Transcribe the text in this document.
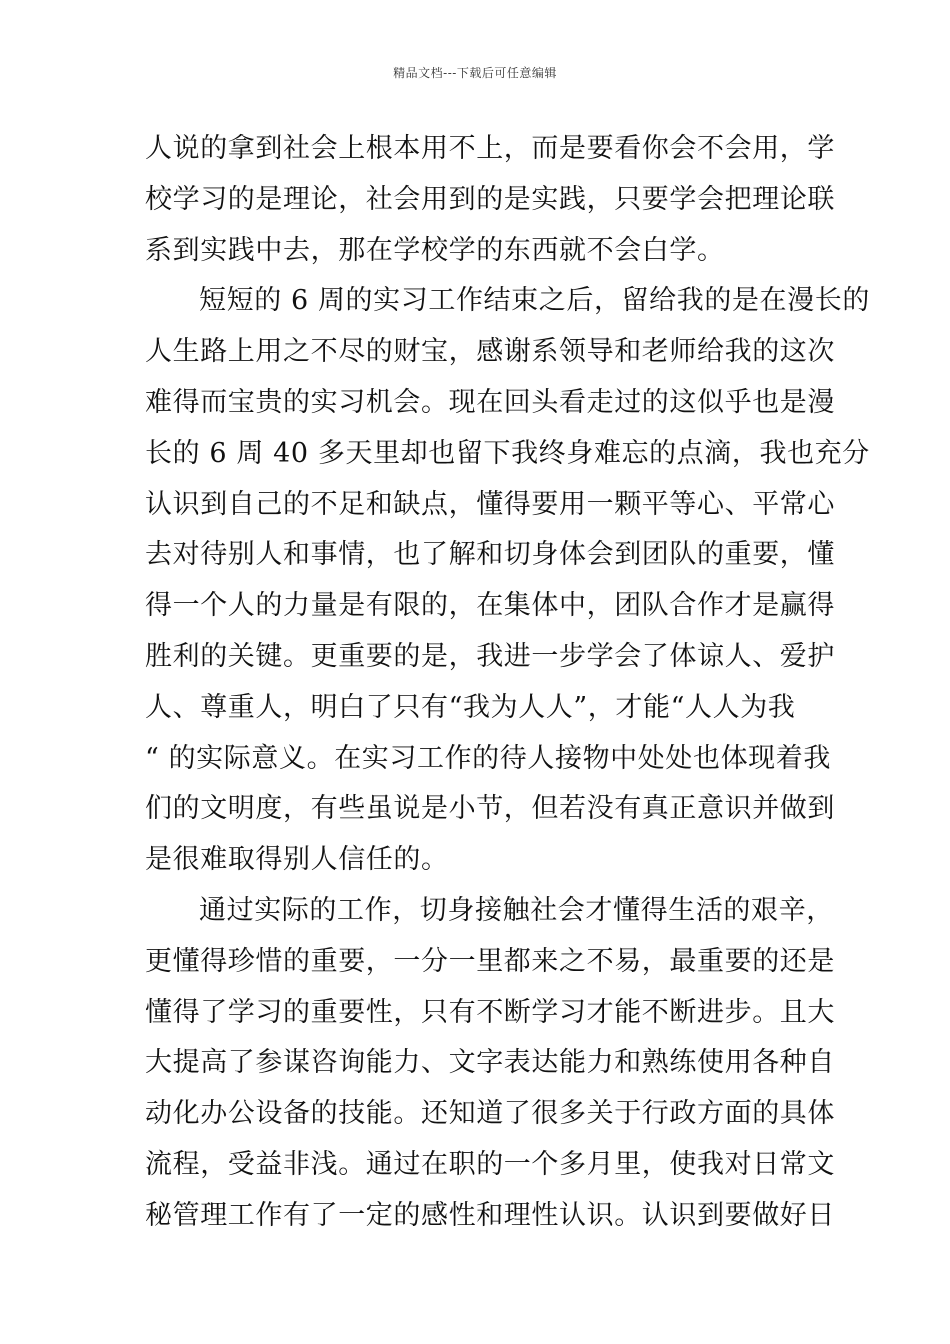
精品文档---下载后可任意编辑
人说的拿到社会上根本用不上，而是要看你会不会用，学
校学习的是理论，社会用到的是实践，只要学会把理论联
系到实践中去，那在学校学的东西就不会白学。
短短的 6 周的实习工作结束之后，留给我的是在漫长的
人生路上用之不尽的财宝，感谢系领导和老师给我的这次
难得而宝贵的实习机会。现在回头看走过的这似乎也是漫
长的 6 周 40 多天里却也留下我终身难忘的点滴，我也充分
认识到自己的不足和缺点，懂得要用一颗平等心、平常心
去对待别人和事情，也了解和切身体会到团队的重要，懂
得一个人的力量是有限的，在集体中，团队合作才是赢得
胜利的关键。更重要的是，我进一步学会了体谅人、爱护
人、尊重人，明白了只有“我为人人”，才能“人人为我
“ 的实际意义。在实习工作的待人接物中处处也体现着我
们的文明度，有些虽说是小节，但若没有真正意识并做到
是很难取得别人信任的。
通过实际的工作，切身接触社会才懂得生活的艰辛，
更懂得珍惜的重要，一分一里都来之不易，最重要的还是
懂得了学习的重要性，只有不断学习才能不断进步。且大
大提高了参谋咨询能力、文字表达能力和熟练使用各种自
动化办公设备的技能。还知道了很多关于行政方面的具体
流程，受益非浅。通过在职的一个多月里，使我对日常文
秘管理工作有了一定的感性和理性认识。认识到要做好日
